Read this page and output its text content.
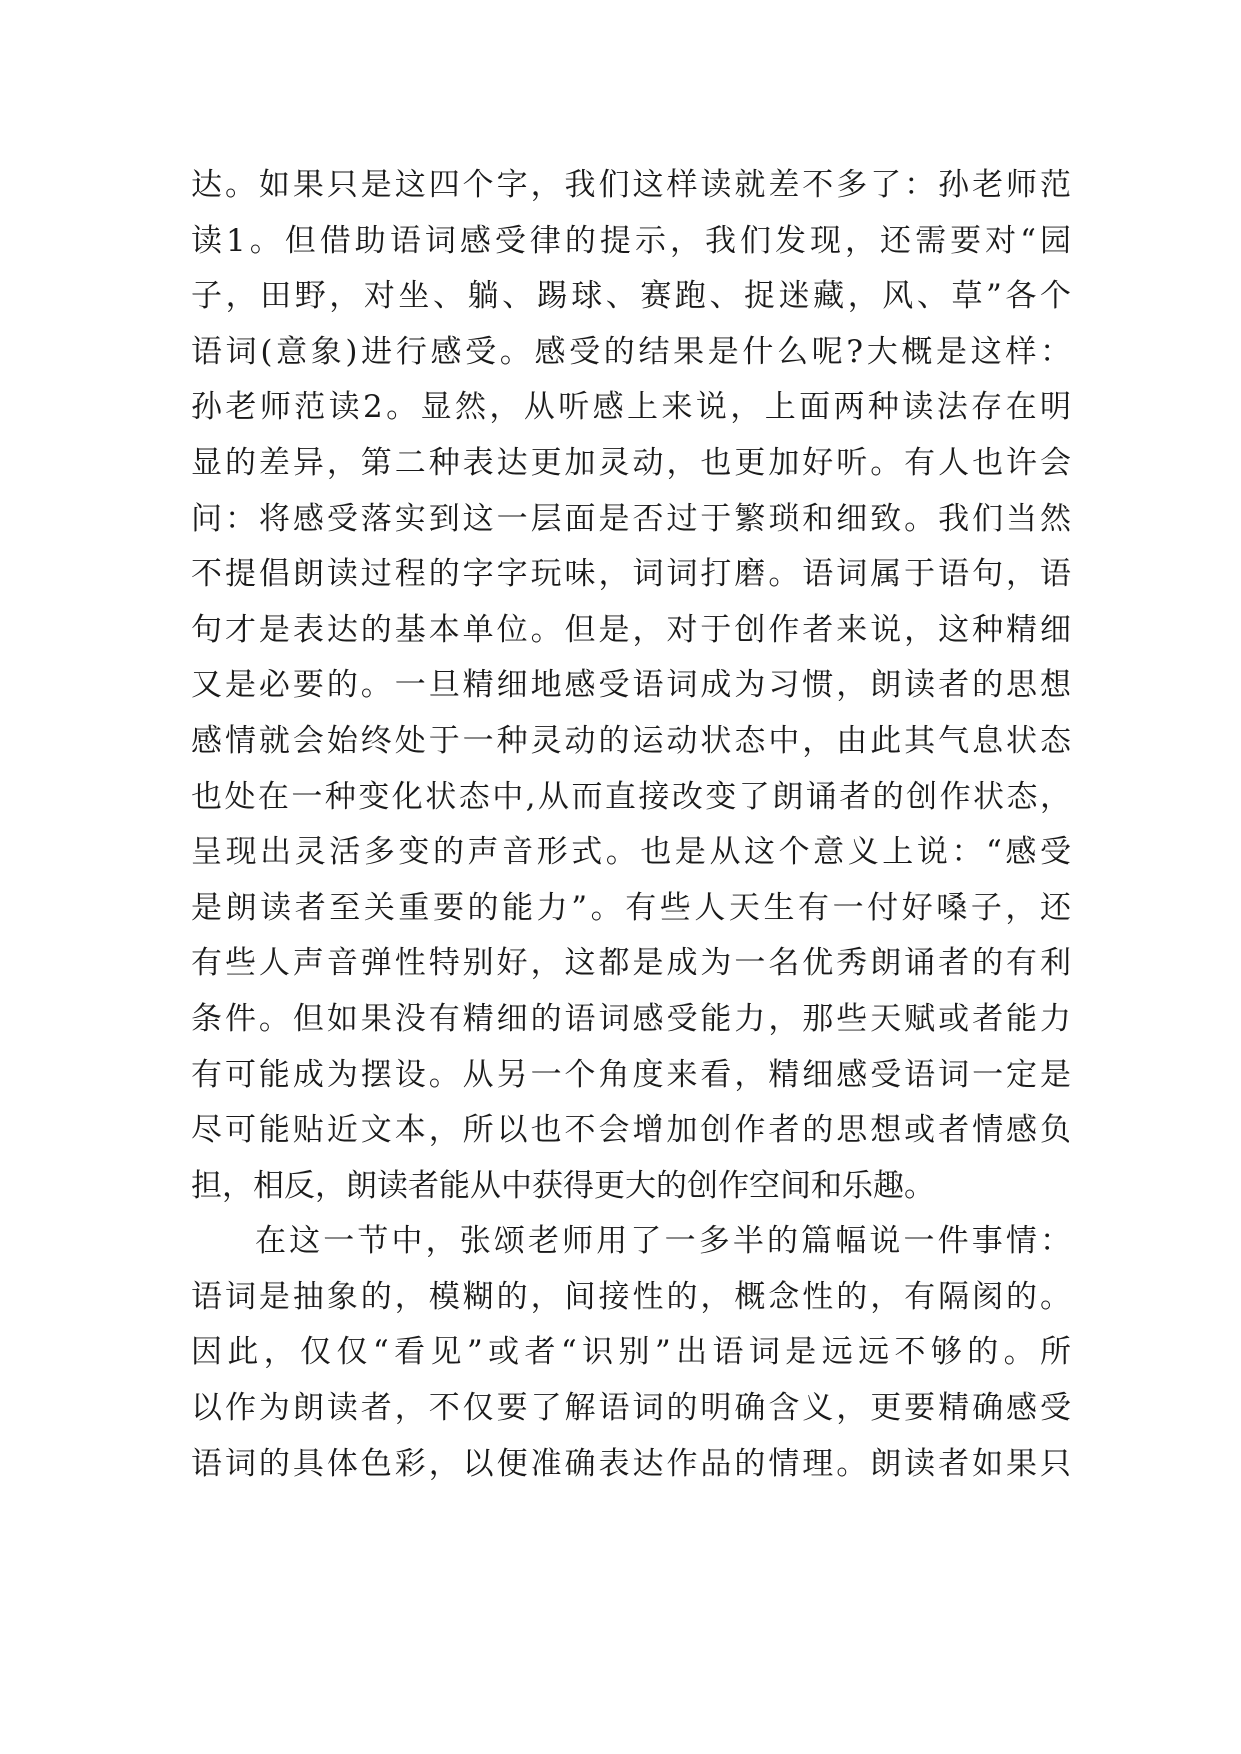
达。如果只是这四个字，我们这样读就差不多了：孙老师范
读1。但借助语词感受律的提示，我们发现，还需要对“园
子，田野，对坐、躺、踢球、赛跑、捉迷藏，风、草”各个
语词(意象)进行感受。感受的结果是什么呢?大概是这样：
孙老师范读2。显然，从听感上来说，上面两种读法存在明
显的差异，第二种表达更加灵动，也更加好听。有人也许会
问：将感受落实到这一层面是否过于繁琐和细致。我们当然
不提倡朗读过程的字字玩味，词词打磨。语词属于语句，语
句才是表达的基本单位。但是，对于创作者来说，这种精细
又是必要的。一旦精细地感受语词成为习惯，朗读者的思想
感情就会始终处于一种灵动的运动状态中，由此其气息状态
也处在一种变化状态中,从而直接改变了朗诵者的创作状态，
呈现出灵活多变的声音形式。也是从这个意义上说：“感受
是朗读者至关重要的能力”。有些人天生有一付好嗓子，还
有些人声音弹性特别好，这都是成为一名优秀朗诵者的有利
条件。但如果没有精细的语词感受能力，那些天赋或者能力
有可能成为摆设。从另一个角度来看，精细感受语词一定是
尽可能贴近文本，所以也不会增加创作者的思想或者情感负
担，相反，朗读者能从中获得更大的创作空间和乐趣。
在这一节中，张颂老师用了一多半的篇幅说一件事情：
语词是抽象的，模糊的，间接性的，概念性的，有隔阂的。
因此，仅仅“看见”或者“识别”出语词是远远不够的。所
以作为朗读者，不仅要了解语词的明确含义，更要精确感受
语词的具体色彩，以便准确表达作品的情理。朗读者如果只
